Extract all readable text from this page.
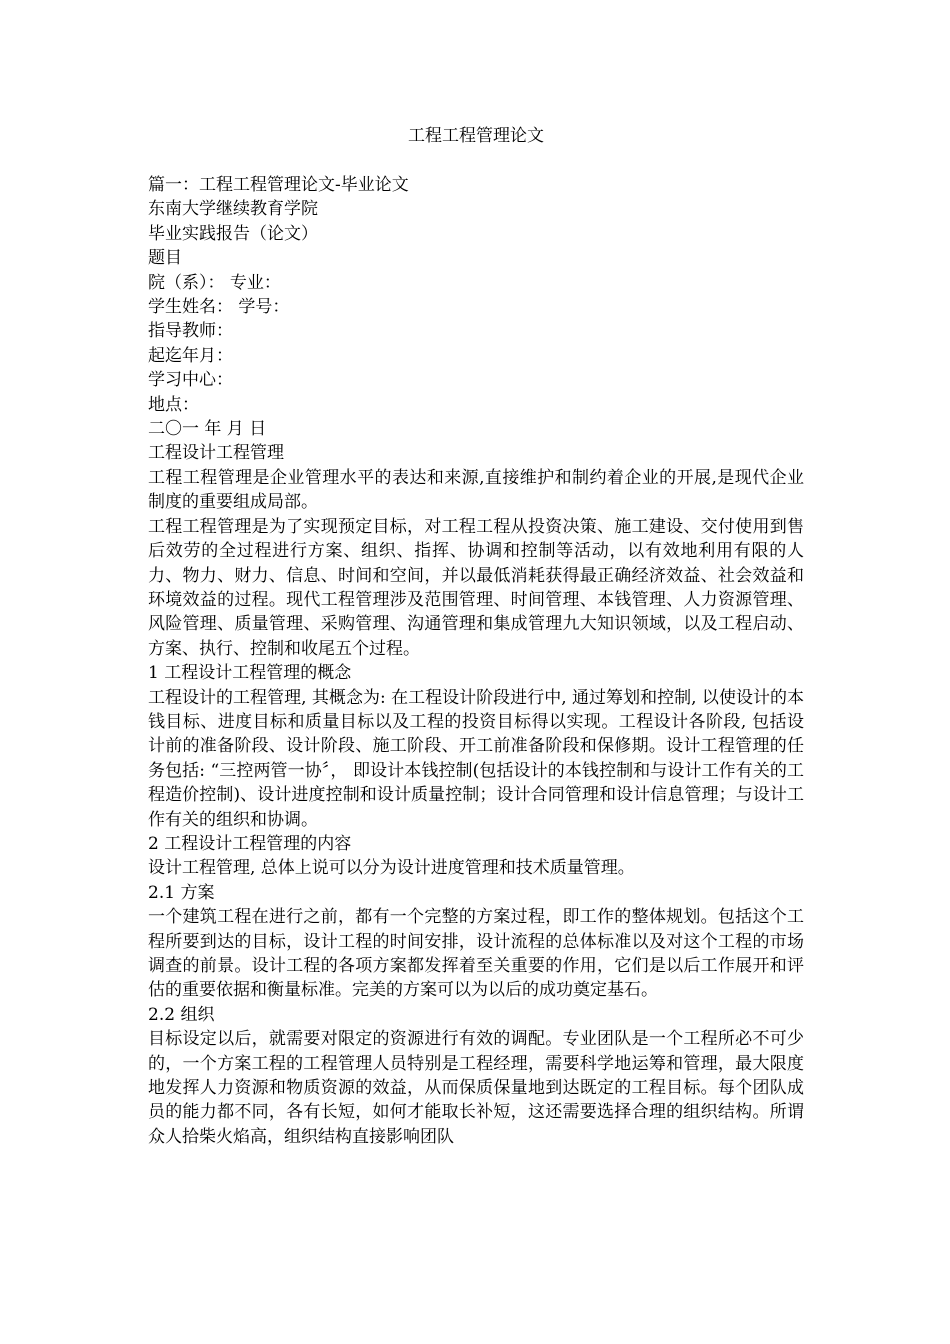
工程工程管理论文
篇一：工程工程管理论文-毕业论文
东南大学继续教育学院
毕业实践报告（论文）
题目
院（系）： 专业：
学生姓名： 学号：
指导教师：
起迄年月：
学习中心：
地点：
二〇一 年 月 日
工程设计工程管理

工程工程管理是企业管理水平的表达和来源,直接维护和制约着企业的开展,是现代企业制度的重要组成局部。

工程工程管理是为了实现预定目标，对工程工程从投资决策、施工建设、交付使用到售后效劳的全过程进行方案、组织、指挥、协调和控制等活动，以有效地利用有限的人力、物力、财力、信息、时间和空间，并以最低消耗获得最正确经济效益、社会效益和环境效益的过程。现代工程管理涉及范围管理、时间管理、本钱管理、人力资源管理、风险管理、质量管理、采购管理、沟通管理和集成管理九大知识领域，以及工程启动、方案、执行、控制和收尾五个过程。

1 工程设计工程管理的概念

工程设计的工程管理, 其概念为: 在工程设计阶段进行中, 通过筹划和控制, 以使设计的本钱目标、进度目标和质量目标以及工程的投资目标得以实现。工程设计各阶段, 包括设计前的准备阶段、设计阶段、施工阶段、开工前准备阶段和保修期。设计工程管理的任务包括: “三控两管一协〞， 即设计本钱控制(包括设计的本钱控制和与设计工作有关的工程造价控制)、设计进度控制和设计质量控制；设计合同管理和设计信息管理；与设计工作有关的组织和协调。

2 工程设计工程管理的内容

设计工程管理, 总体上说可以分为设计进度管理和技术质量管理。

2.1 方案

一个建筑工程在进行之前，都有一个完整的方案过程，即工作的整体规划。包括这个工程所要到达的目标，设计工程的时间安排，设计流程的总体标准以及对这个工程的市场调查的前景。设计工程的各项方案都发挥着至关重要的作用，它们是以后工作展开和评估的重要依据和衡量标准。完美的方案可以为以后的成功奠定基石。

2.2 组织

目标设定以后，就需要对限定的资源进行有效的调配。专业团队是一个工程所必不可少的，一个方案工程的工程管理人员特别是工程经理，需要科学地运筹和管理，最大限度地发挥人力资源和物质资源的效益，从而保质保量地到达既定的工程目标。每个团队成员的能力都不同，各有长短，如何才能取长补短，这还需要选择合理的组织结构。所谓众人拾柴火焰高，组织结构直接影响团队
